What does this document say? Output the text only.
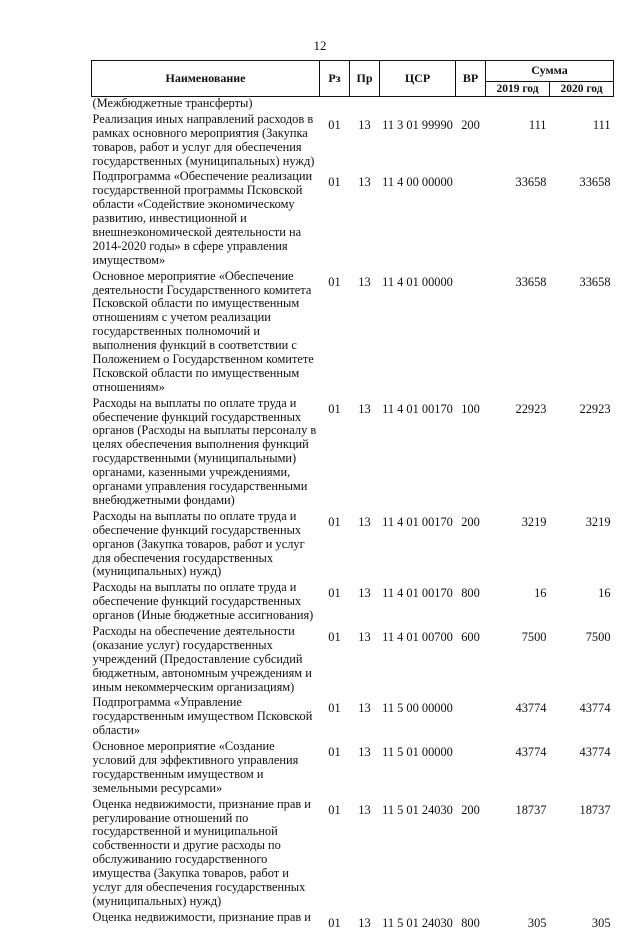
12
Наименование	Рз	Пр	ЦСР	ВР	Сумма	
					2019 год	2020 год
(Межбюджетные трансферты)						
Реализация иных направлений расходов в рамках основного мероприятия (Закупка товаров, работ и услуг для обеспечения государственных (муниципальных) нужд)	01	13	11 3 01 99990	200	111	111
Подпрограмма «Обеспечение реализации государственной программы Псковской области «Содействие экономическому развитию, инвестиционной и внешнеэкономической деятельности на 2014-2020 годы» в сфере управления имуществом»	01	13	11 4 00 00000		33658	33658
Основное мероприятие «Обеспечение деятельности Государственного комитета Псковской области по имущественным отношениям с учетом реализации государственных полномочий и выполнения функций в соответствии с Положением о Государственном комитете Псковской области по имущественным отношениям»	01	13	11 4 01 00000		33658	33658
Расходы на выплаты по оплате труда и обеспечение функций государственных органов (Расходы на выплаты персоналу в целях обеспечения выполнения функций государственными (муниципальными) органами, казенными учреждениями, органами управления государственными внебюджетными фондами)	01	13	11 4 01 00170	100	22923	22923
Расходы на выплаты по оплате труда и обеспечение функций государственных органов (Закупка товаров, работ и услуг для обеспечения государственных (муниципальных) нужд)	01	13	11 4 01 00170	200	3219	3219
Расходы на выплаты по оплате труда и обеспечение функций государственных органов (Иные бюджетные ассигнования)	01	13	11 4 01 00170	800	16	16
Расходы на обеспечение деятельности (оказание услуг) государственных учреждений (Предоставление субсидий бюджетным, автономным учреждениям и иным некоммерческим организациям)	01	13	11 4 01 00700	600	7500	7500
Подпрограмма «Управление государственным имуществом Псковской области»	01	13	11 5 00 00000		43774	43774
Основное мероприятие «Создание условий для эффективного управления государственным имуществом и земельными ресурсами»	01	13	11 5 01 00000		43774	43774
Оценка недвижимости, признание прав и регулирование отношений по государственной и муниципальной собственности и другие расходы по обслуживанию государственного имущества (Закупка товаров, работ и услуг для обеспечения государственных (муниципальных) нужд)	01	13	11 5 01 24030	200	18737	18737
Оценка недвижимости, признание прав и	01	13	11 5 01 24030	800	305	305
